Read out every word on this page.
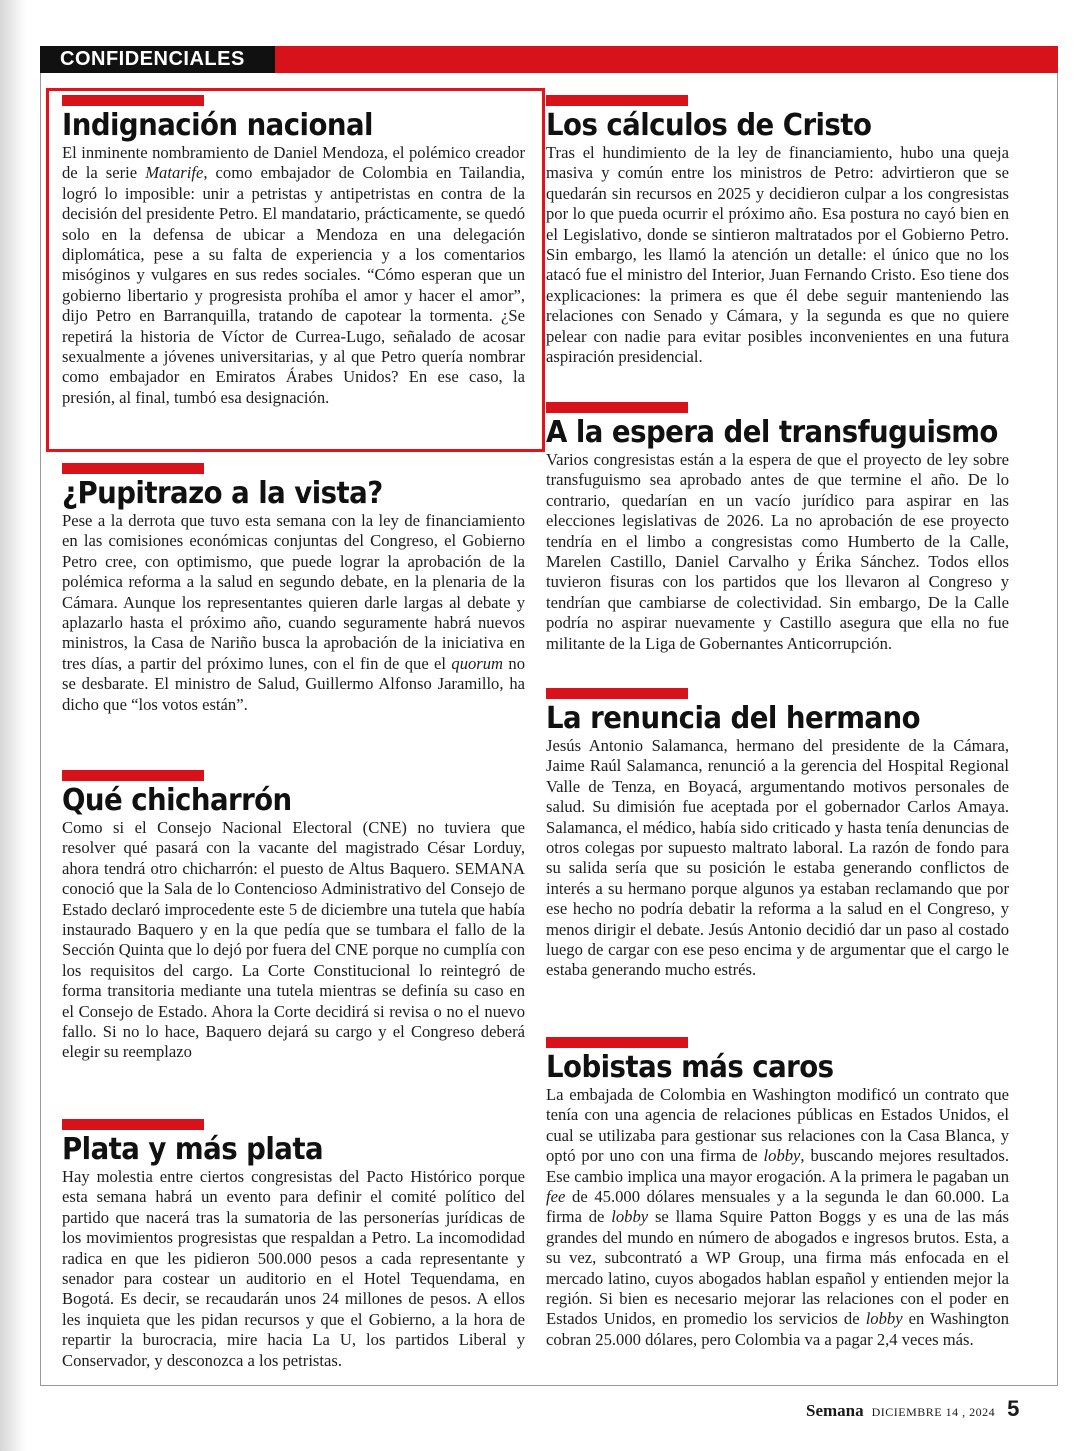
CONFIDENCIALES
Indignación nacional

El inminente nombramiento de Daniel Mendoza, el polémico creador de la serie Matarife, como embajador de Colombia en Tailandia, logró lo imposible: unir a petristas y antipetristas en contra de la decisión del presidente Petro. El mandatario, prácticamente, se quedó solo en la defensa de ubicar a Mendoza en una delegación diplomática, pese a su falta de experiencia y a los comentarios misóginos y vulgares en sus redes sociales. “Cómo esperan que un gobierno libertario y progresista prohíba el amor y hacer el amor”, dijo Petro en Barranquilla, tratando de capotear la tormenta. ¿Se repetirá la historia de Víctor de Currea-Lugo, señalado de acosar sexualmente a jóvenes universitarias, y al que Petro quería nombrar como embajador en Emiratos Árabes Unidos? En ese caso, la presión, al final, tumbó esa designación.

¿Pupitrazo a la vista?

Pese a la derrota que tuvo esta semana con la ley de financiamiento en las comisiones económicas conjuntas del Congreso, el Gobierno Petro cree, con optimismo, que puede lograr la aprobación de la polémica reforma a la salud en segundo debate, en la plenaria de la Cámara. Aunque los representantes quieren darle largas al debate y aplazarlo hasta el próximo año, cuando seguramente habrá nuevos ministros, la Casa de Nariño busca la aprobación de la iniciativa en tres días, a partir del próximo lunes, con el fin de que el quorum no se desbarate. El ministro de Salud, Guillermo Alfonso Jaramillo, ha dicho que “los votos están”.

Qué chicharrón

Como si el Consejo Nacional Electoral (CNE) no tuviera que resolver qué pasará con la vacante del magistrado César Lorduy, ahora tendrá otro chicharrón: el puesto de Altus Baquero. SEMANA conoció que la Sala de lo Contencioso Administrativo del Consejo de Estado declaró improcedente este 5 de diciembre una tutela que había instaurado Baquero y en la que pedía que se tumbara el fallo de la Sección Quinta que lo dejó por fuera del CNE porque no cumplía con los requisitos del cargo. La Corte Constitucional lo reintegró de forma transitoria mediante una tutela mientras se definía su caso en el Consejo de Estado. Ahora la Corte decidirá si revisa o no el nuevo fallo. Si no lo hace, Baquero dejará su cargo y el Congreso deberá elegir su reemplazo

Plata y más plata

Hay molestia entre ciertos congresistas del Pacto Histórico porque esta semana habrá un evento para definir el comité político del partido que nacerá tras la sumatoria de las personerías jurídicas de los movimientos progresistas que respaldan a Petro. La incomodidad radica en que les pidieron 500.000 pesos a cada representante y senador para costear un auditorio en el Hotel Tequendama, en Bogotá. Es decir, se recaudarán unos 24 millones de pesos. A ellos les inquieta que les pidan recursos y que el Gobierno, a la hora de repartir la burocracia, mire hacia La U, los partidos Liberal y Conservador, y desconozca a los petristas.

Los cálculos de Cristo

Tras el hundimiento de la ley de financiamiento, hubo una queja masiva y común entre los ministros de Petro: advirtieron que se quedarán sin recursos en 2025 y decidieron culpar a los congresistas por lo que pueda ocurrir el próximo año. Esa postura no cayó bien en el Legislativo, donde se sintieron maltratados por el Gobierno Petro. Sin embargo, les llamó la atención un detalle: el único que no los atacó fue el ministro del Interior, Juan Fernando Cristo. Eso tiene dos explicaciones: la primera es que él debe seguir manteniendo las relaciones con Senado y Cámara, y la segunda es que no quiere pelear con nadie para evitar posibles inconvenientes en una futura aspiración presidencial.

A la espera del transfuguismo

Varios congresistas están a la espera de que el proyecto de ley sobre transfuguismo sea aprobado antes de que termine el año. De lo contrario, quedarían en un vacío jurídico para aspirar en las elecciones legislativas de 2026. La no aprobación de ese proyecto tendría en el limbo a congresistas como Humberto de la Calle, Marelen Castillo, Daniel Carvalho y Érika Sánchez. Todos ellos tuvieron fisuras con los partidos que los llevaron al Congreso y tendrían que cambiarse de colectividad. Sin embargo, De la Calle podría no aspirar nuevamente y Castillo asegura que ella no fue militante de la Liga de Gobernantes Anticorrupción.

La renuncia del hermano

Jesús Antonio Salamanca, hermano del presidente de la Cámara, Jaime Raúl Salamanca, renunció a la gerencia del Hospital Regional Valle de Tenza, en Boyacá, argumentando motivos personales de salud. Su dimisión fue aceptada por el gobernador Carlos Amaya. Salamanca, el médico, había sido criticado y hasta tenía denuncias de otros colegas por supuesto maltrato laboral. La razón de fondo para su salida sería que su posición le estaba generando conflictos de interés a su hermano porque algunos ya estaban reclamando que por ese hecho no podría debatir la reforma a la salud en el Congreso, y menos dirigir el debate. Jesús Antonio decidió dar un paso al costado luego de cargar con ese peso encima y de argumentar que el cargo le estaba generando mucho estrés.

Lobistas más caros

La embajada de Colombia en Washington modificó un contrato que tenía con una agencia de relaciones públicas en Estados Unidos, el cual se utilizaba para gestionar sus relaciones con la Casa Blanca, y optó por uno con una firma de lobby, buscando mejores resultados. Ese cambio implica una mayor erogación. A la primera le pagaban un fee de 45.000 dólares mensuales y a la segunda le dan 60.000. La firma de lobby se llama Squire Patton Boggs y es una de las más grandes del mundo en número de abogados e ingresos brutos. Esta, a su vez, subcontrató a WP Group, una firma más enfocada en el mercado latino, cuyos abogados hablan español y entienden mejor la región. Si bien es necesario mejorar las relaciones con el poder en Estados Unidos, en promedio los servicios de lobby en Washington cobran 25.000 dólares, pero Colombia va a pagar 2,4 veces más.

Semana DICIEMBRE 14 , 2024 5
